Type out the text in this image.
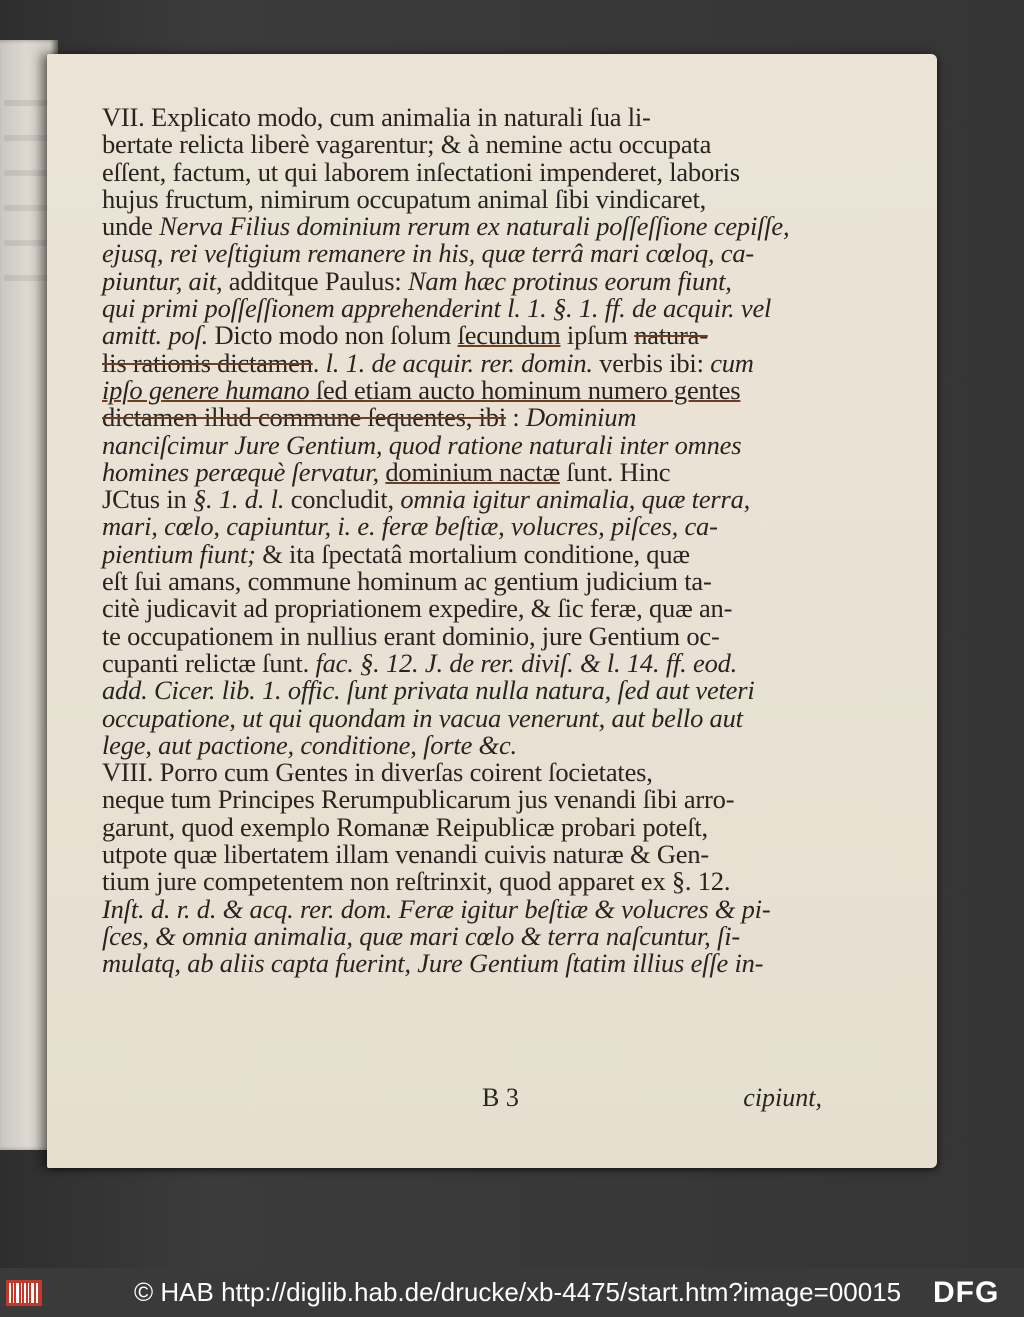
VII. Explicato modo, cum animalia in naturali ſua li-
bertate relicta liberè vagarentur; & à nemine actu occupata
eſſent, factum, ut qui laborem inſectationi impenderet, laboris
hujus fructum, nimirum occupatum animal ſibi vindicaret,
unde Nerva Filius dominium rerum ex naturali poſſeſſione cepiſſe,
ejusq, rei veſtigium remanere in his, quæ terrâ mari cœloq, ca-
piuntur, ait, additque Paulus: Nam hæc protinus eorum fiunt,
qui primi poſſeſſionem apprehenderint l. 1. §. 1. ff. de acquir. vel
amitt. poſ. Dicto modo non ſolum ſecundum ipſum natura-
lis rationis dictamen. l. 1. de acquir. rer. domin. verbis ibi: cum
ipſo genere humano ſed etiam aucto hominum numero gentes
dictamen illud commune ſequentes, ibi : Dominium
nanciſcimur Jure Gentium, quod ratione naturali inter omnes
homines peræquè ſervatur, dominium nactæ ſunt. Hinc
JCtus in §. 1. d. l. concludit, omnia igitur animalia, quæ terra,
mari, cœlo, capiuntur, i. e. feræ beſtiæ, volucres, piſces, ca-
pientium fiunt; & ita ſpectatâ mortalium conditione, quæ
eſt ſui amans, commune hominum ac gentium judicium ta-
citè judicavit ad propriationem expedire, & ſic feræ, quæ an-
te occupationem in nullius erant dominio, jure Gentium oc-
cupanti relictæ ſunt. fac. §. 12. J. de rer. diviſ. & l. 14. ff. eod.
add. Cicer. lib. 1. offic. ſunt privata nulla natura, ſed aut veteri
occupatione, ut qui quondam in vacua venerunt, aut bello aut
lege, aut pactione, conditione, ſorte &c.
VIII. Porro cum Gentes in diverſas coirent ſocietates,
neque tum Principes Rerumpublicarum jus venandi ſibi arro-
garunt, quod exemplo Romanæ Reipublicæ probari poteſt,
utpote quæ libertatem illam venandi cuivis naturæ & Gen-
tium jure competentem non reſtrinxit, quod apparet ex §. 12.
Inſt. d. r. d. & acq. rer. dom. Feræ igitur beſtiæ & volucres & pi-
ſces, & omnia animalia, quæ mari cœlo & terra naſcuntur, ſi-
mulatq, ab aliis capta fuerint, Jure Gentium ſtatim illius eſſe in-
B 3	cipiunt,
© HAB http://diglib.hab.de/drucke/xb-4475/start.htm?image=00015 DFG
